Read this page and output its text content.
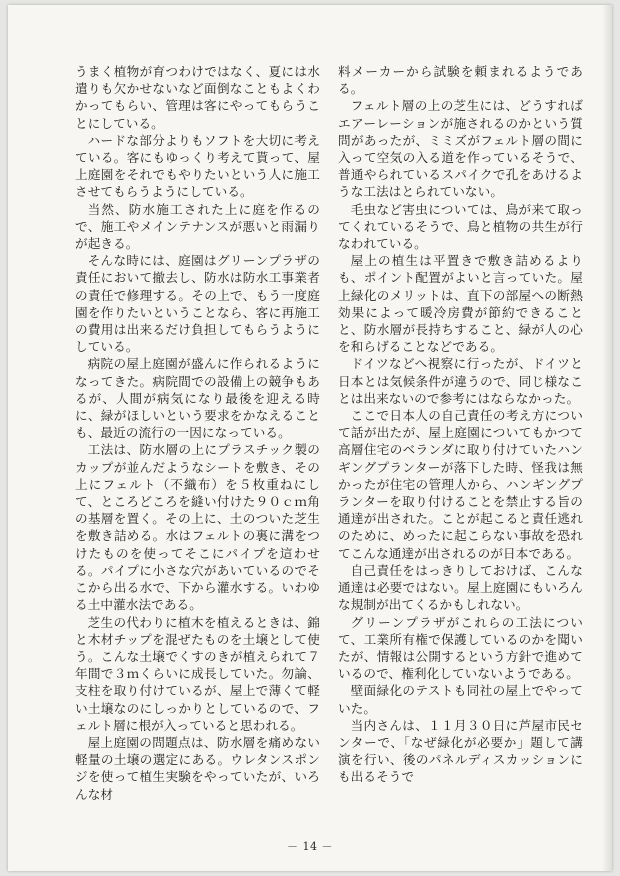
うまく植物が育つわけではなく、夏には水遣りも欠かせないなど面倒なこともよくわかってもらい、管理は客にやってもらうことにしている。

ハードな部分よりもソフトを大切に考えている。客にもゆっくり考えて貰って、屋上庭園をそれでもやりたいという人に施工させてもらうようにしている。

当然、防水施工された上に庭を作るので、施工やメインテナンスが悪いと雨漏りが起きる。

そんな時には、庭園はグリーンプラザの責任において撤去し、防水は防水工事業者の責任で修理する。その上で、もう一度庭園を作りたいということなら、客に再施工の費用は出来るだけ負担してもらうようにしている。

病院の屋上庭園が盛んに作られるようになってきた。病院間での設備上の競争もあるが、人間が病気になり最後を迎える時に、緑がほしいという要求をかなえることも、最近の流行の一因になっている。

工法は、防水層の上にプラスチック製のカップが並んだようなシートを敷き、その上にフェルト（不織布）を５枚重ねにして、ところどころを縫い付けた９０ｃｍ角の基層を置く。その上に、土のついた芝生を敷き詰める。水はフェルトの裏に溝をつけたものを使ってそこにパイプを這わせる。パイプに小さな穴があいているのでそこから出る水で、下から灌水する。いわゆる土中灌水法である。

芝生の代わりに植木を植えるときは、錦と木材チップを混ぜたものを土壌として使う。こんな土壌でくすのきが植えられて７年間で３ｍくらいに成長していた。勿論、支柱を取り付けているが、屋上で薄くて軽い土壌なのにしっかりとしているので、フェルト層に根が入っていると思われる。

屋上庭園の問題点は、防水層を痛めない軽量の土壌の選定にある。ウレタンスポンジを使って植生実験をやっていたが、いろんな材

料メーカーから試験を頼まれるようである。

フェルト層の上の芝生には、どうすればエアーレーションが施されるのかという質問があったが、ミミズがフェルト層の間に入って空気の入る道を作っているそうで、普通やられているスパイクで孔をあけるような工法はとられていない。

毛虫など害虫については、鳥が来て取ってくれているそうで、鳥と植物の共生が行なわれている。

屋上の植生は平置きで敷き詰めるよりも、ポイント配置がよいと言っていた。屋上緑化のメリットは、直下の部屋への断熱効果によって暖冷房費が節約できることと、防水層が長持ちすること、緑が人の心を和らげることなどである。

ドイツなどへ視察に行ったが、ドイツと日本とは気候条件が違うので、同じ様なことは出来ないので参考にはならなかった。

ここで日本人の自己責任の考え方について話が出たが、屋上庭園についてもかつて高層住宅のベランダに取り付けていたハンギングプランターが落下した時、怪我は無かったが住宅の管理人から、ハンギングプランターを取り付けることを禁止する旨の通達が出された。ことが起こると責任逃れのために、めったに起こらない事故を恐れてこんな通達が出されるのが日本である。

自己責任をはっきりしておけば、こんな通達は必要ではない。屋上庭園にもいろんな規制が出てくるかもしれない。

グリーンプラザがこれらの工法について、工業所有権で保護しているのかを聞いたが、情報は公開するという方針で進めているので、権利化していないようである。

壁面緑化のテストも同社の屋上でやっていた。

当内さんは、１１月３０日に芦屋市民センターで、「なぜ緑化が必要か」題して講演を行い、後のパネルディスカッションにも出るそうで

－ 14 －
